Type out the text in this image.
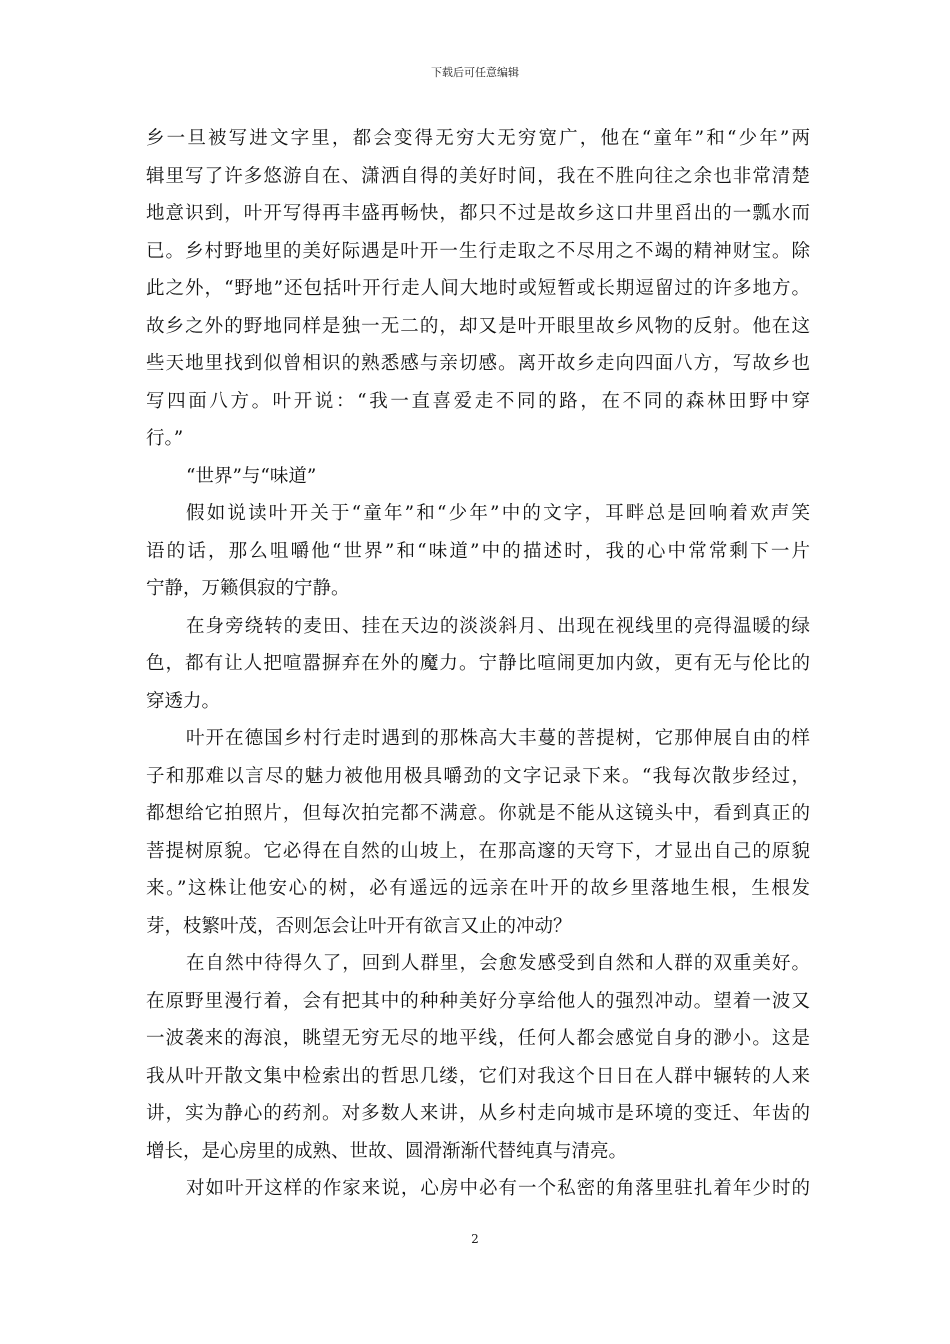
下载后可任意编辑
乡一旦被写进文字里，都会变得无穷大无穷宽广，他在“童年”和“少年”两
辑里写了许多悠游自在、潇洒自得的美好时间，我在不胜向往之余也非常清楚
地意识到，叶开写得再丰盛再畅快，都只不过是故乡这口井里舀出的一瓢水而
已。乡村野地里的美好际遇是叶开一生行走取之不尽用之不竭的精神财宝。除
此之外，“野地”还包括叶开行走人间大地时或短暂或长期逗留过的许多地方。
故乡之外的野地同样是独一无二的，却又是叶开眼里故乡风物的反射。他在这
些天地里找到似曾相识的熟悉感与亲切感。离开故乡走向四面八方，写故乡也
写四面八方。叶开说：“我一直喜爱走不同的路，在不同的森林田野中穿
行。”
“世界”与“味道”
假如说读叶开关于“童年”和“少年”中的文字，耳畔总是回响着欢声笑
语的话，那么咀嚼他“世界”和“味道”中的描述时，我的心中常常剩下一片
宁静，万籁俱寂的宁静。
在身旁绕转的麦田、挂在天边的淡淡斜月、出现在视线里的亮得温暖的绿
色，都有让人把喧嚣摒弃在外的魔力。宁静比喧闹更加内敛，更有无与伦比的
穿透力。
叶开在德国乡村行走时遇到的那株高大丰蔓的菩提树，它那伸展自由的样
子和那难以言尽的魅力被他用极具嚼劲的文字记录下来。“我每次散步经过，
都想给它拍照片，但每次拍完都不满意。你就是不能从这镜头中，看到真正的
菩提树原貌。它必得在自然的山坡上，在那高邃的天穹下，才显出自己的原貌
来。”这株让他安心的树，必有遥远的远亲在叶开的故乡里落地生根，生根发
芽，枝繁叶茂，否则怎会让叶开有欲言又止的冲动？
在自然中待得久了，回到人群里，会愈发感受到自然和人群的双重美好。
在原野里漫行着，会有把其中的种种美好分享给他人的强烈冲动。望着一波又
一波袭来的海浪，眺望无穷无尽的地平线，任何人都会感觉自身的渺小。这是
我从叶开散文集中检索出的哲思几缕，它们对我这个日日在人群中辗转的人来
讲，实为静心的药剂。对多数人来讲，从乡村走向城市是环境的变迁、年齿的
增长，是心房里的成熟、世故、圆滑渐渐代替纯真与清亮。
对如叶开这样的作家来说，心房中必有一个私密的角落里驻扎着年少时的
2
